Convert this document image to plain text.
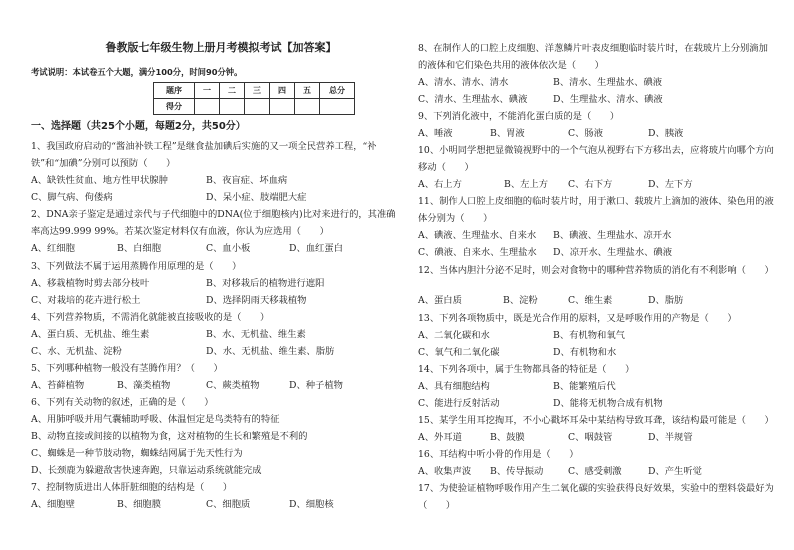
鲁教版七年级生物上册月考模拟考试【加答案】
考试说明：本试卷五个大题，满分100分，时间90分钟。
题序	一	二	三	四	五	总分
得分						
一、选择题（共25个小题，每题2分，共50分）
1、我国政府启动的“酱油补铁工程”是继食盐加碘后实施的又一项全民营养工程，“补铁”和“加碘”分别可以预防（　　）
A、缺铁性贫血、地方性甲状腺肿	B、夜盲症、坏血病
C、脚气病、佝偻病	D、呆小症、肢端肥大症
2、DNA亲子鉴定是通过亲代与子代细胞中的DNA(位于细胞核内)比对来进行的，其准确率高达99.999 99%。若某次鉴定材料仅有血液，你认为应选用（　　）
A、红细胞	B、白细胞	C、血小板	D、血红蛋白
3、下列做法不属于运用蒸腾作用原理的是（　　）
A、移栽植物时剪去部分枝叶	B、对移栽后的植物进行遮阳
C、对栽培的花卉进行松土	D、选择阴雨天移栽植物
4、下列营养物质，不需消化就能被直接吸收的是（　　）
A、蛋白质、无机盐、维生素	B、水、无机盐、维生素
C、水、无机盐、淀粉	D、水、无机盐、维生素、脂肪
5、下列哪种植物一般没有茎腾作用？（　　）
A、苔藓植物	B、藻类植物	C、蕨类植物	D、种子植物
6、下列有关动物的叙述，正确的是（　　）
A、用肺呼吸并用气囊辅助呼吸、体温恒定是鸟类特有的特征
B、动物直接或间接的以植物为食，这对植物的生长和繁殖是不利的
C、蜘蛛是一种节肢动物，蜘蛛结网属于先天性行为
D、长颈鹿为躲避敌害快速奔跑，只靠运动系统就能完成
7、控制物质进出人体肝脏细胞的结构是（　　）
A、细胞壁	B、细胞膜	C、细胞质	D、细胞核
8、在制作人的口腔上皮细胞、洋葱鳞片叶表皮细胞临时装片时，在载玻片上分别滴加的液体和它们染色共用的液体依次是（　　）
A、清水、清水、清水	B、清水、生理盐水、碘液
C、清水、生理盐水、碘液	D、生理盐水、清水、碘液
9、下列消化液中，不能消化蛋白质的是（　　）
A、唾液	B、胃液	C、肠液	D、胰液
10、小明同学想把显微镜视野中的一个气泡从视野右下方移出去，应将玻片向哪个方向移动（　　）
A、右上方	B、左上方 C、右下方	D、左下方
11、制作人口腔上皮细胞的临时装片时，用于漱口、载玻片上滴加的液体、染色用的液体分别为（　　）
A、碘液、生理盐水、自来水 B、碘液、生理盐水、凉开水
C、碘液、自来水、生理盐水 D、凉开水、生理盐水、碘液
12、当体内胆汁分泌不足时，则会对食物中的哪种营养物质的消化有不利影响（　　）
A、蛋白质	B、淀粉	C、维生素	D、脂肪
13、下列各项物质中，既是光合作用的原料，又是呼吸作用的产物是（　　）
A、二氧化碳和水	B、有机物和氧气
C、氧气和二氧化碳	D、有机物和水
14、下列各项中，属于生物都具备的特征是（　　）
A、具有细胞结构	B、能繁殖后代
C、能进行反射活动	D、能将无机物合成有机物
15、某学生用耳挖掏耳，不小心戳坏耳朵中某结构导致耳聋，该结构最可能是（　　）
A、外耳道	B、鼓膜	C、咽鼓管	D、半规管
16、耳结构中听小骨的作用是（　　）
A、收集声波 B、传导振动	C、感受刺激	D、产生听觉
17、为使验证植物呼吸作用产生二氧化碳的实验获得良好效果，实验中的塑料袋最好为（　　）
